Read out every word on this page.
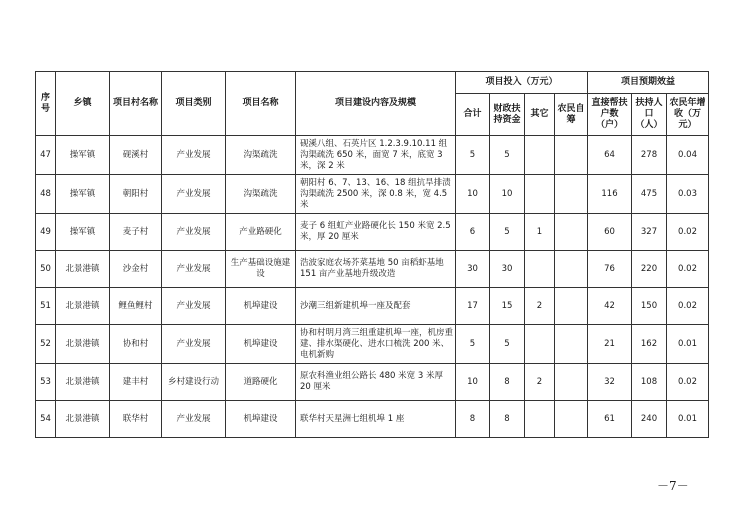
序号	乡镇	项目村名称	项目类别	项目名称	项目建设内容及规模	项目投入（万元）				项目预期效益		
						合计	财政扶持资金	其它	农民自筹	直接帮扶户数（户）	扶持人口（人）	农民年增收（万元）
47	操军镇	砚溪村	产业发展	沟渠疏洗	砚溪八组、石英片区 1.2.3.9.10.11 组沟渠疏洗 650 米，面宽 7 米，底宽 3 米，深 2 米	5	5			64	278	0.04
48	操军镇	朝阳村	产业发展	沟渠疏洗	朝阳村 6、7、13、16、18 组抗旱排渍沟渠疏洗 2500 米，深 0.8 米，宽 4.5 米	10	10			116	475	0.03
49	操军镇	麦子村	产业发展	产业路硬化	麦子 6 组虹产业路硬化长 150 米宽 2.5 米，厚 20 厘米	6	5	1		60	327	0.02
50	北景港镇	沙金村	产业发展	生产基础设施建设	浩波家庭农场芥菜基地 50 亩稻虾基地 151 亩产业基地升级改造	30	30			76	220	0.02
51	北景港镇	鲤鱼鲤村	产业发展	机埠建设	沙潮三组新建机埠一座及配套	17	15	2		42	150	0.02
52	北景港镇	协和村	产业发展	机埠建设	协和村明月湾三组重建机埠一座，机房重建、排水渠硬化、进水口梳洗 200 米、电机新购	5	5			21	162	0.01
53	北景港镇	建丰村	乡村建设行动	道路硬化	原农科渔业组公路长 480 米宽 3 米厚 20 厘米	10	8	2		32	108	0.02
54	北景港镇	联华村	产业发展	机埠建设	联华村天星洲七组机埠 1 座	8	8			61	240	0.01
－7－
